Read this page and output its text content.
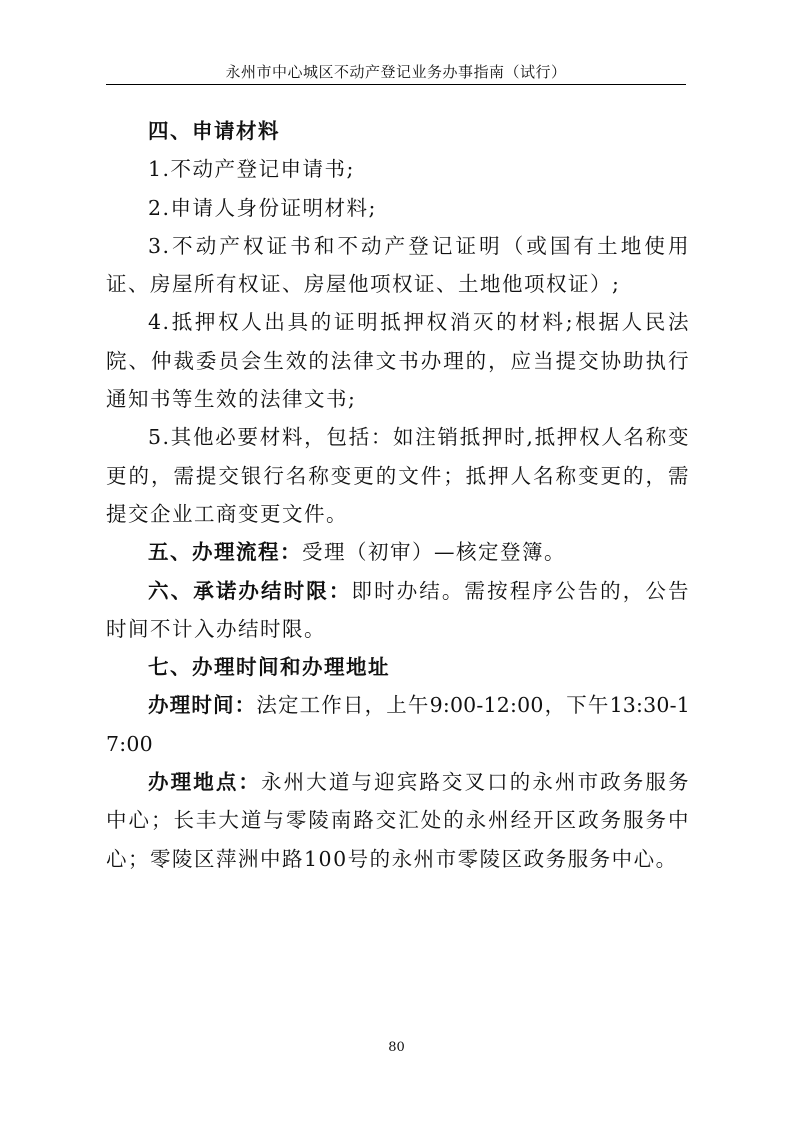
永州市中心城区不动产登记业务办事指南（试行）

四、申请材料

1.不动产登记申请书;

2.申请人身份证明材料;

3.不动产权证书和不动产登记证明（或国有土地使用证、房屋所有权证、房屋他项权证、土地他项权证）;

4.抵押权人出具的证明抵押权消灭的材料;根据人民法院、仲裁委员会生效的法律文书办理的，应当提交协助执行通知书等生效的法律文书;

5.其他必要材料，包括：如注销抵押时,抵押权人名称变更的，需提交银行名称变更的文件；抵押人名称变更的，需提交企业工商变更文件。

五、办理流程：受理（初审）—核定登簿。

六、承诺办结时限：即时办结。需按程序公告的，公告时间不计入办结时限。

七、办理时间和办理地址

办理时间：法定工作日，上午9:00-12:00，下午13:30-17:00

办理地点：永州大道与迎宾路交叉口的永州市政务服务中心；长丰大道与零陵南路交汇处的永州经开区政务服务中心；零陵区萍洲中路100号的永州市零陵区政务服务中心。

80
